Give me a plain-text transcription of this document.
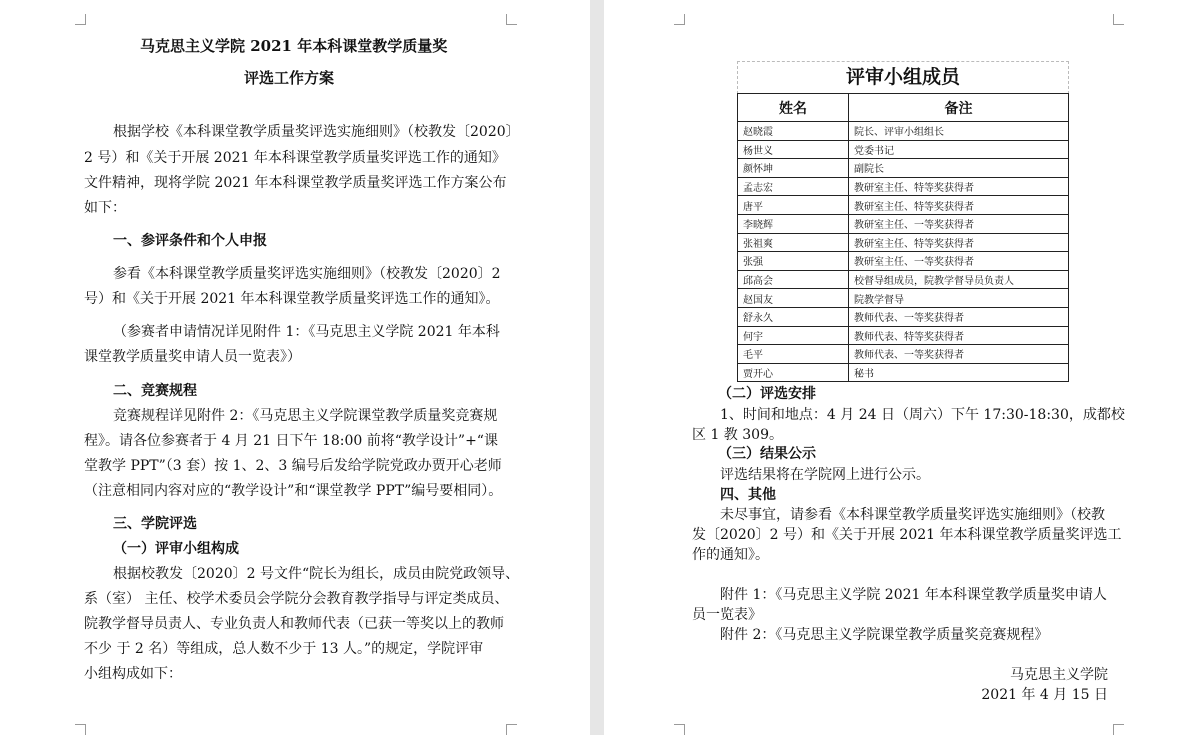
马克思主义学院 2021 年本科课堂教学质量奖
评选工作方案
根据学校《本科课堂教学质量奖评选实施细则》（校教发〔2020〕
2 号）和《关于开展 2021 年本科课堂教学质量奖评选工作的通知》
文件精神，现将学院 2021 年本科课堂教学质量奖评选工作方案公布
如下：
一、参评条件和个人申报
参看《本科课堂教学质量奖评选实施细则》（校教发〔2020〕2
号）和《关于开展 2021 年本科课堂教学质量奖评选工作的通知》。
（参赛者申请情况详见附件 1：《马克思主义学院 2021 年本科
课堂教学质量奖申请人员一览表》）
二、竞赛规程
竞赛规程详见附件 2：《马克思主义学院课堂教学质量奖竞赛规
程》。请各位参赛者于 4 月 21 日下午 18:00 前将“教学设计”+“课
堂教学 PPT”（3 套）按 1、2、3 编号后发给学院党政办贾开心老师
（注意相同内容对应的“教学设计”和“课堂教学 PPT”编号要相同）。
三、学院评选
（一）评审小组构成
根据校教发〔2020〕2 号文件“院长为组长，成员由院党政领导、
系（室） 主任、校学术委员会学院分会教育教学指导与评定类成员、
院教学督导员责人、专业负责人和教师代表（已获一等奖以上的教师
不少 于 2 名）等组成，总人数不少于 13 人。”的规定，学院评审
小组构成如下：
评审小组成员
姓名	备注
赵晓霞	院长、评审小组组长
杨世义	党委书记
颜怀坤	副院长
孟志宏	教研室主任、特等奖获得者
唐平	教研室主任、特等奖获得者
李晓辉	教研室主任、一等奖获得者
张祖爽	教研室主任、特等奖获得者
张强	教研室主任、一等奖获得者
邱高会	校督导组成员，院教学督导员负责人
赵国友	院教学督导
舒永久	教师代表、一等奖获得者
何宇	教师代表、特等奖获得者
毛平	教师代表、一等奖获得者
贾开心	秘书
（二）评选安排
1、时间和地点：4 月 24 日（周六）下午 17:30-18:30，成都校
区 1 教 309。
（三）结果公示
评选结果将在学院网上进行公示。
四、其他
未尽事宜，请参看《本科课堂教学质量奖评选实施细则》（校教
发〔2020〕2 号）和《关于开展 2021 年本科课堂教学质量奖评选工
作的通知》。
附件 1：《马克思主义学院 2021 年本科课堂教学质量奖申请人
员一览表》
附件 2：《马克思主义学院课堂教学质量奖竞赛规程》
马克思主义学院
2021 年 4 月 15 日
